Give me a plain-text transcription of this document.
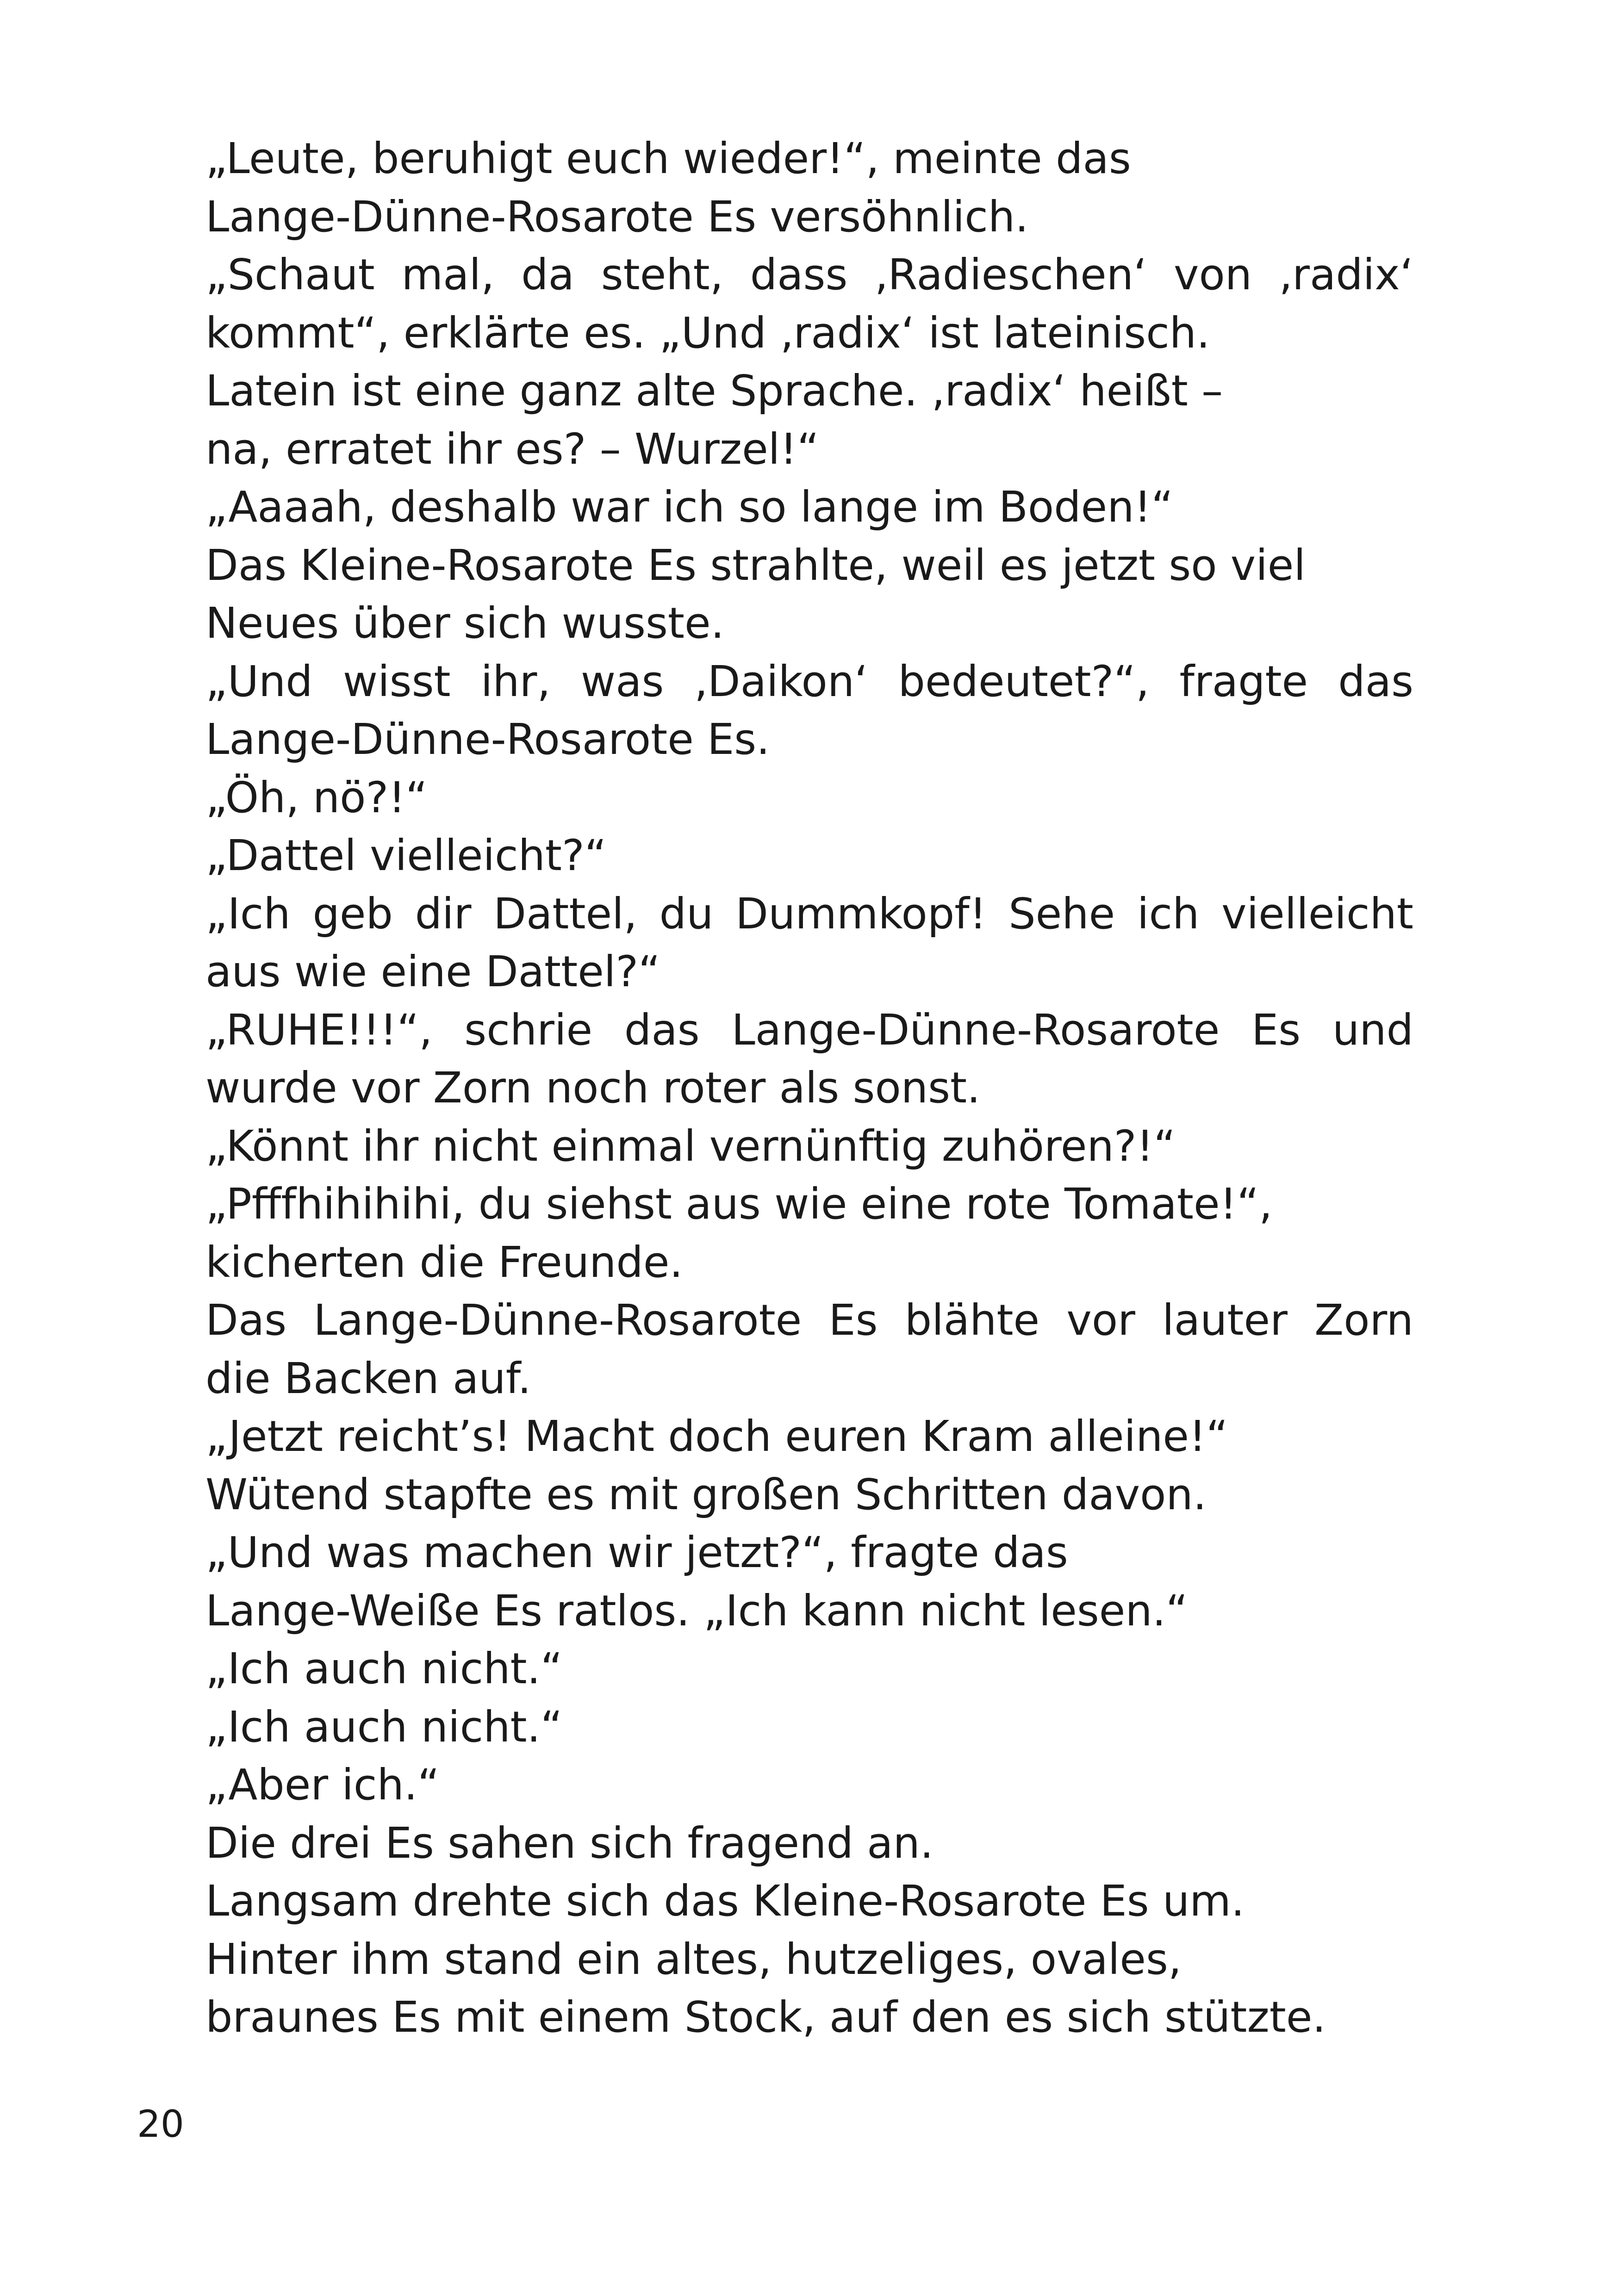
„Leute, beruhigt euch wieder!“, meinte das
Lange-Dünne-Rosarote Es versöhnlich.
„Schaut mal, da steht, dass ‚Radieschen‘ von ‚radix‘
kommt“, erklärte es. „Und ‚radix‘ ist lateinisch.
Latein ist eine ganz alte Sprache. ‚radix‘ heißt –
na, erratet ihr es? – Wurzel!“
„Aaaah, deshalb war ich so lange im Boden!“
Das Kleine-Rosarote Es strahlte, weil es jetzt so viel
Neues über sich wusste.
„Und wisst ihr, was ‚Daikon‘ bedeutet?“, fragte das
Lange-Dünne-Rosarote Es.
„Öh, nö?!“
„Dattel vielleicht?“
„Ich geb dir Dattel, du Dummkopf! Sehe ich vielleicht
aus wie eine Dattel?“
„RUHE!!!“, schrie das Lange-Dünne-Rosarote Es und
wurde vor Zorn noch roter als sonst.
„Könnt ihr nicht einmal vernünftig zuhören?!“
„Pfffhihihihi, du siehst aus wie eine rote Tomate!“,
kicherten die Freunde.
Das Lange-Dünne-Rosarote Es blähte vor lauter Zorn
die Backen auf.
„Jetzt reicht’s! Macht doch euren Kram alleine!“
Wütend stapfte es mit großen Schritten davon.
„Und was machen wir jetzt?“, fragte das
Lange-Weiße Es ratlos. „Ich kann nicht lesen.“
„Ich auch nicht.“
„Ich auch nicht.“
„Aber ich.“
Die drei Es sahen sich fragend an.
Langsam drehte sich das Kleine-Rosarote Es um.
Hinter ihm stand ein altes, hutzeliges, ovales,
braunes Es mit einem Stock, auf den es sich stützte.
20
